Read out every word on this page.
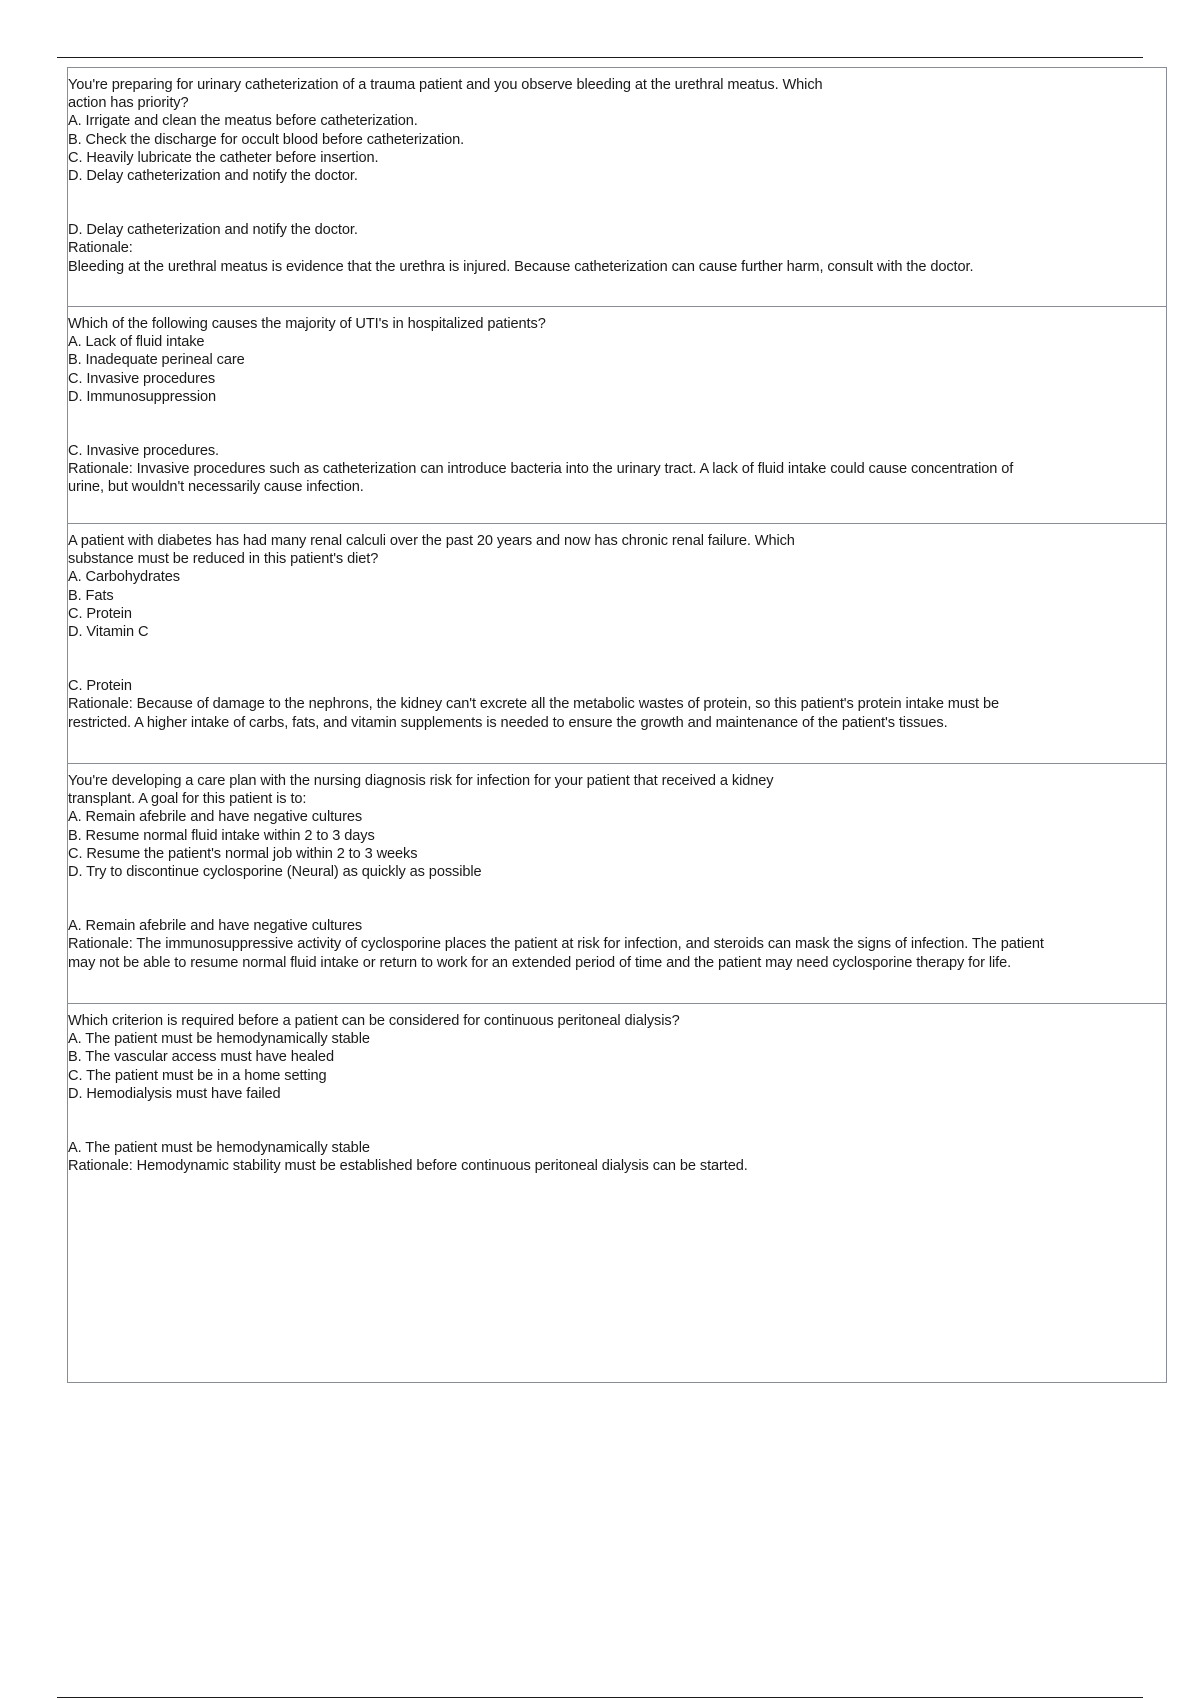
You're preparing for urinary catheterization of a trauma patient and you observe bleeding at the urethral meatus. Which
action has priority?
A. Irrigate and clean the meatus before catheterization.
B. Check the discharge for occult blood before catheterization.
C. Heavily lubricate the catheter before insertion.
D. Delay catheterization and notify the doctor.
D. Delay catheterization and notify the doctor.
Rationale:
Bleeding at the urethral meatus is evidence that the urethra is injured. Because catheterization can cause further harm, consult with the doctor.
Which of the following causes the majority of UTI's in hospitalized patients?
A. Lack of fluid intake
B. Inadequate perineal care
C. Invasive procedures
D. Immunosuppression
C. Invasive procedures.
Rationale: Invasive procedures such as catheterization can introduce bacteria into the urinary tract. A lack of fluid intake could cause concentration of
urine, but wouldn't necessarily cause infection.
A patient with diabetes has had many renal calculi over the past 20 years and now has chronic renal failure. Which
substance must be reduced in this patient's diet?
A. Carbohydrates
B. Fats
C. Protein
D. Vitamin C
C. Protein
Rationale: Because of damage to the nephrons, the kidney can't excrete all the metabolic wastes of protein, so this patient's protein intake must be
restricted. A higher intake of carbs, fats, and vitamin supplements is needed to ensure the growth and maintenance of the patient's tissues.
You're developing a care plan with the nursing diagnosis risk for infection for your patient that received a kidney
transplant. A goal for this patient is to:
A. Remain afebrile and have negative cultures
B. Resume normal fluid intake within 2 to 3 days
C. Resume the patient's normal job within 2 to 3 weeks
D. Try to discontinue cyclosporine (Neural) as quickly as possible
A. Remain afebrile and have negative cultures
Rationale: The immunosuppressive activity of cyclosporine places the patient at risk for infection, and steroids can mask the signs of infection. The patient
may not be able to resume normal fluid intake or return to work for an extended period of time and the patient may need cyclosporine therapy for life.
Which criterion is required before a patient can be considered for continuous peritoneal dialysis?
A. The patient must be hemodynamically stable
B. The vascular access must have healed
C. The patient must be in a home setting
D. Hemodialysis must have failed
A. The patient must be hemodynamically stable
Rationale: Hemodynamic stability must be established before continuous peritoneal dialysis can be started.
